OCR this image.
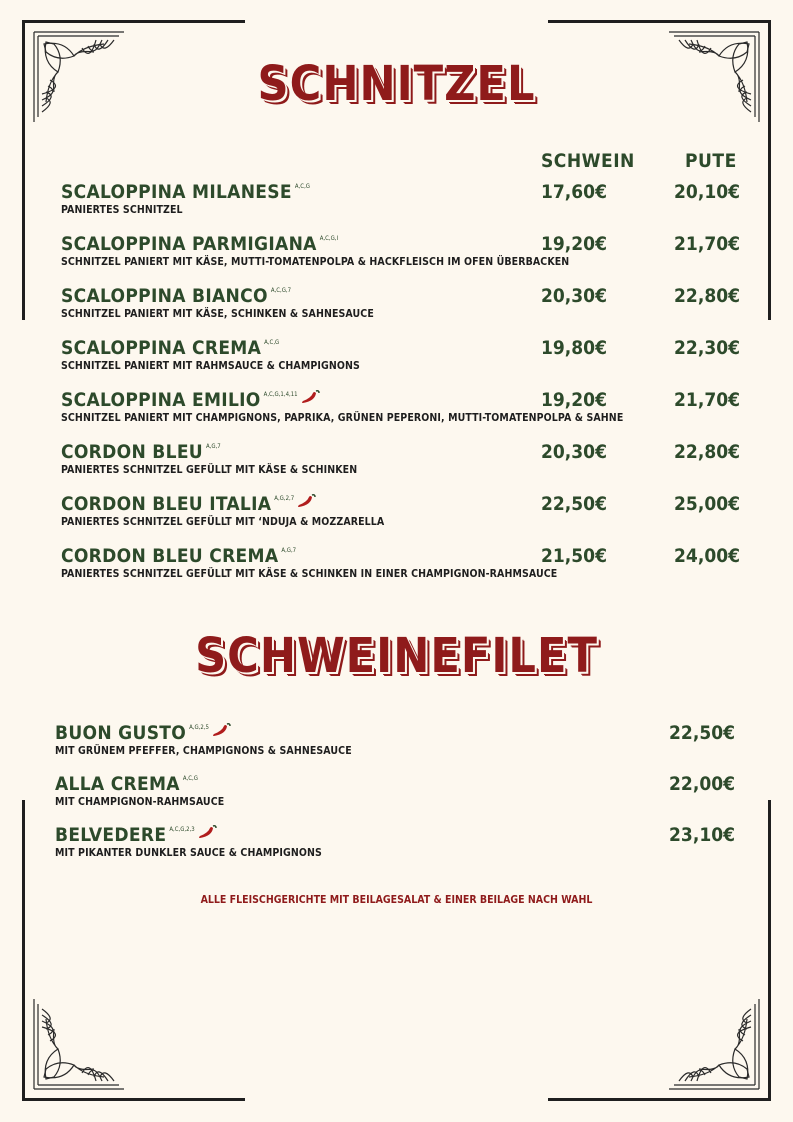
SCHNITZEL
SCHWEIN	PUTE
SCHWEINEFILET
ALLE FLEISCHGERICHTE MIT BEILAGESALAT & EINER BEILAGE NACH WAHL
SCALOPPINA MILANESE $^{A,C,G}$
PANIERTES SCHNITZEL
17,60€	20,10€
SCALOPPINA PARMIGIANA $^{A,C,G,I}$
SCHNITZEL PANIERT MIT KÄSE, MUTTI-TOMATENPOLPA & HACKFLEISCH IM OFEN ÜBERBACKEN
19,20€	21,70€
SCALOPPINA BIANCO $^{A,C,G,7}$
SCHNITZEL PANIERT MIT KÄSE, SCHINKEN & SAHNESAUCE
20,30€	22,80€
SCALOPPINA CREMA $^{A,C,G}$
SCHNITZEL PANIERT MIT RAHMSAUCE & CHAMPIGNONS
19,80€	22,30€
SCALOPPINA EMILIO $^{A,C,G,1,4,11}$
SCHNITZEL PANIERT MIT CHAMPIGNONS, PAPRIKA, GRÜNEN PEPERONI, MUTTI-TOMATENPOLPA & SAHNE
19,20€	21,70€
CORDON BLEU $^{A,G,7}$
PANIERTES SCHNITZEL GEFÜLLT MIT KÄSE & SCHINKEN
20,30€	22,80€
CORDON BLEU ITALIA $^{A,G,2,7}$
PANIERTES SCHNITZEL GEFÜLLT MIT ‘NDUJA & MOZZARELLA
22,50€	25,00€
CORDON BLEU CREMA $^{A,G,7}$
PANIERTES SCHNITZEL GEFÜLLT MIT KÄSE & SCHINKEN IN EINER CHAMPIGNON-RAHMSAUCE
21,50€	24,00€
BUON GUSTO $^{A,G,2,5}$
MIT GRÜNEM PFEFFER, CHAMPIGNONS & SAHNESAUCE
22,50€
ALLA CREMA $^{A,C,G}$
MIT CHAMPIGNON-RAHMSAUCE
22,00€
BELVEDERE $^{A,C,G,2,3}$
MIT PIKANTER DUNKLER SAUCE & CHAMPIGNONS
23,10€
